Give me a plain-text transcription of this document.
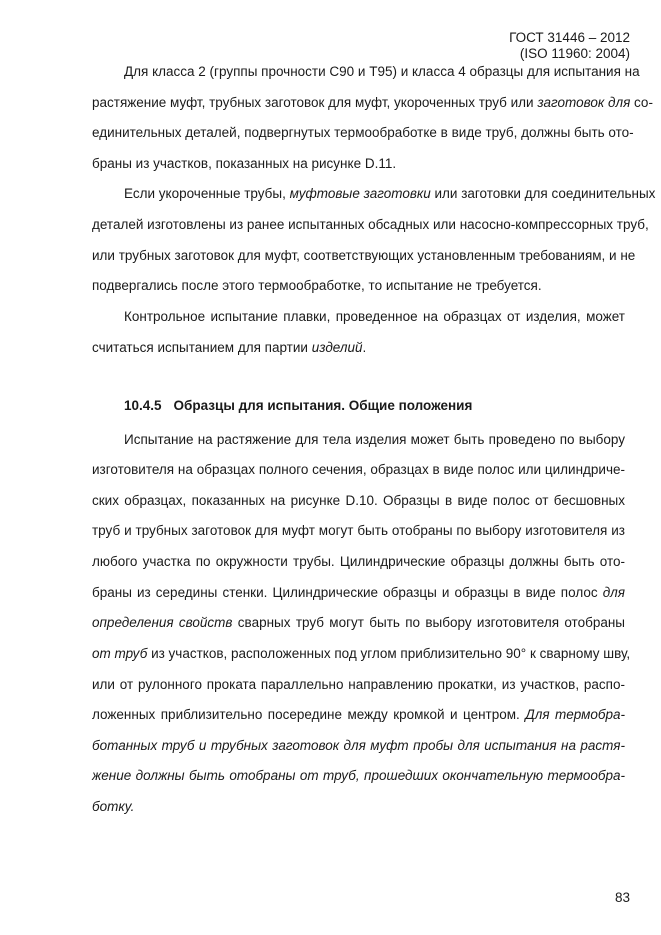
ГОСТ 31446 – 2012
(ISO 11960: 2004)
Для класса 2 (группы прочности С90 и Т95) и класса 4 образцы для испытания на
растяжение муфт, трубных заготовок для муфт, укороченных труб или заготовок для со-
единительных деталей, подвергнутых термообработке в виде труб, должны быть ото-
браны из участков, показанных на рисунке D.11.
Если укороченные трубы, муфтовые заготовки или заготовки для соединительных
деталей изготовлены из ранее испытанных обсадных или насосно-компрессорных труб,
или трубных заготовок для муфт, соответствующих установленным требованиям, и не
подвергались после этого термообработке, то испытание не требуется.
Контрольное испытание плавки, проведенное на образцах от изделия, может
считаться испытанием для партии изделий.
10.4.5 Образцы для испытания. Общие положения
Испытание на растяжение для тела изделия может быть проведено по выбору
изготовителя на образцах полного сечения, образцах в виде полос или цилиндриче-
ских образцах, показанных на рисунке D.10. Образцы в виде полос от бесшовных
труб и трубных заготовок для муфт могут быть отобраны по выбору изготовителя из
любого участка по окружности трубы. Цилиндрические образцы должны быть ото-
браны из середины стенки. Цилиндрические образцы и образцы в виде полос для
определения свойств сварных труб могут быть по выбору изготовителя отобраны
от труб из участков, расположенных под углом приблизительно 90° к сварному шву,
или от рулонного проката параллельно направлению прокатки, из участков, распо-
ложенных приблизительно посередине между кромкой и центром. Для термобра-
ботанных труб и трубных заготовок для муфт пробы для испытания на растя-
жение должны быть отобраны от труб, прошедших окончательную термообра-
ботку.
83
